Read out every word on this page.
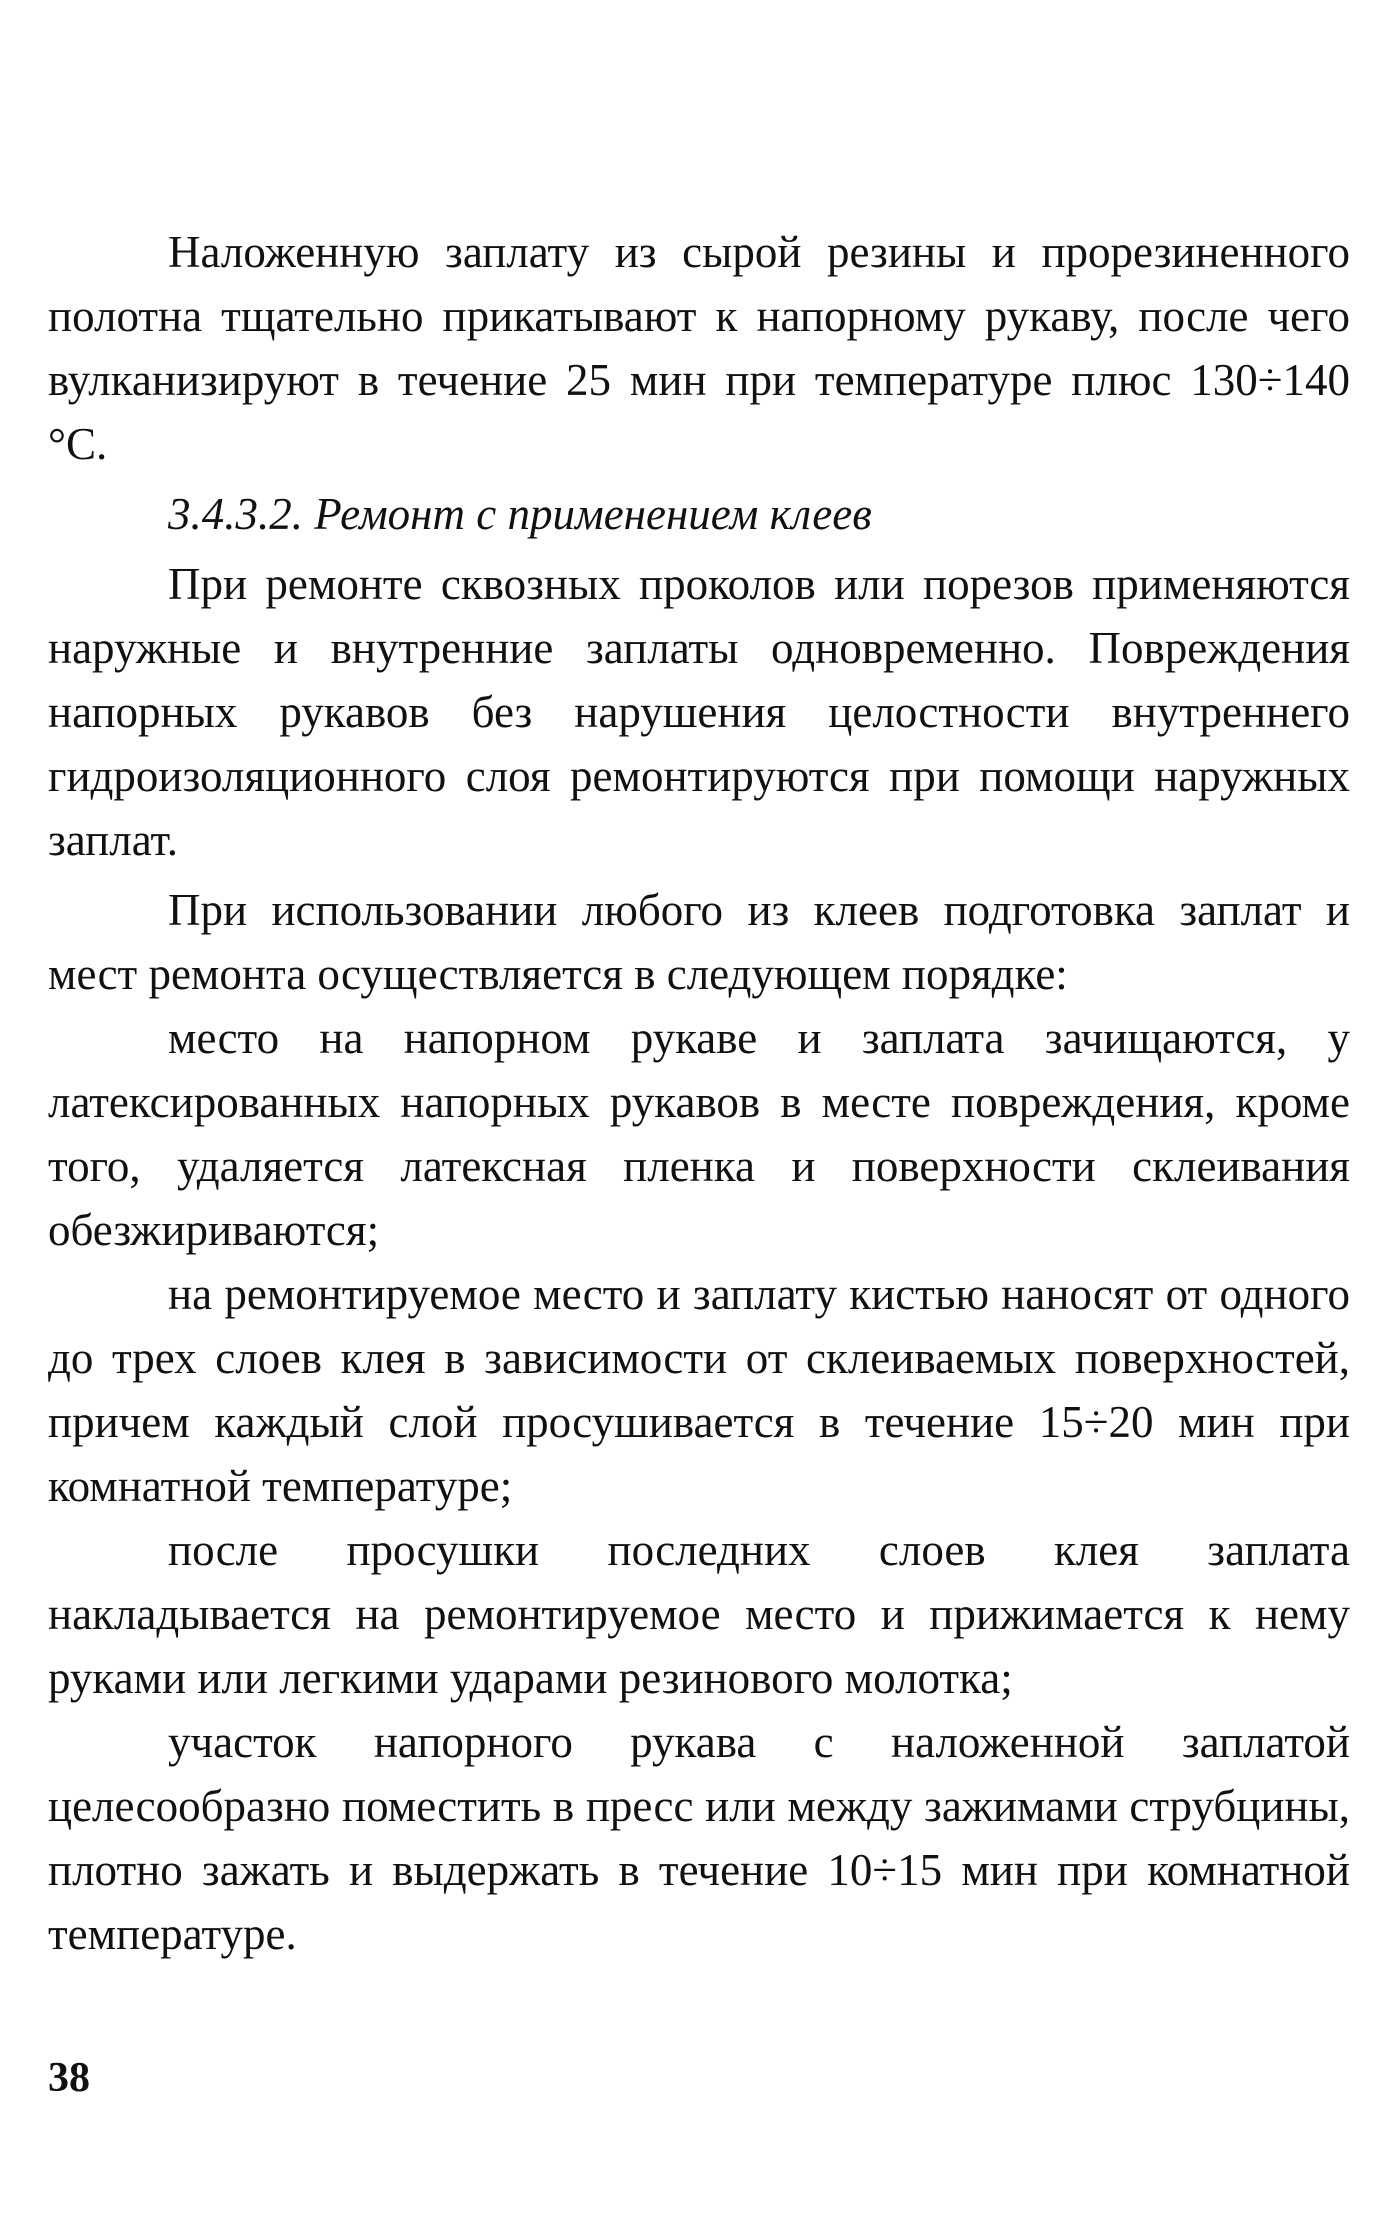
Наложенную заплату из сырой резины и прорезиненного полотна тщательно прикатывают к напорному рукаву, после чего вулканизируют в течение 25 мин при температуре плюс 130÷140 °С.

3.4.3.2. Ремонт с применением клеев

При ремонте сквозных проколов или порезов применяются наружные и внутренние заплаты одновременно. Повреждения напорных рукавов без нарушения целостности внутреннего гидроизоляционного слоя ремонтируются при помощи наружных заплат.

При использовании любого из клеев подготовка заплат и мест ремонта осуществляется в следующем порядке:

место на напорном рукаве и заплата зачищаются, у латексированных напорных рукавов в месте повреждения, кроме того, удаляется латексная пленка и поверхности склеивания обезжириваются;

на ремонтируемое место и заплату кистью наносят от одного до трех слоев клея в зависимости от склеиваемых поверхностей, причем каждый слой просушивается в течение 15÷20 мин при комнатной температуре;

после просушки последних слоев клея заплата накладывается на ремонтируемое место и прижимается к нему руками или легкими ударами резинового молотка;

участок напорного рукава с наложенной заплатой целесообразно поместить в пресс или между зажимами струбцины, плотно зажать и выдержать в течение 10÷15 мин при комнатной температуре.

38
